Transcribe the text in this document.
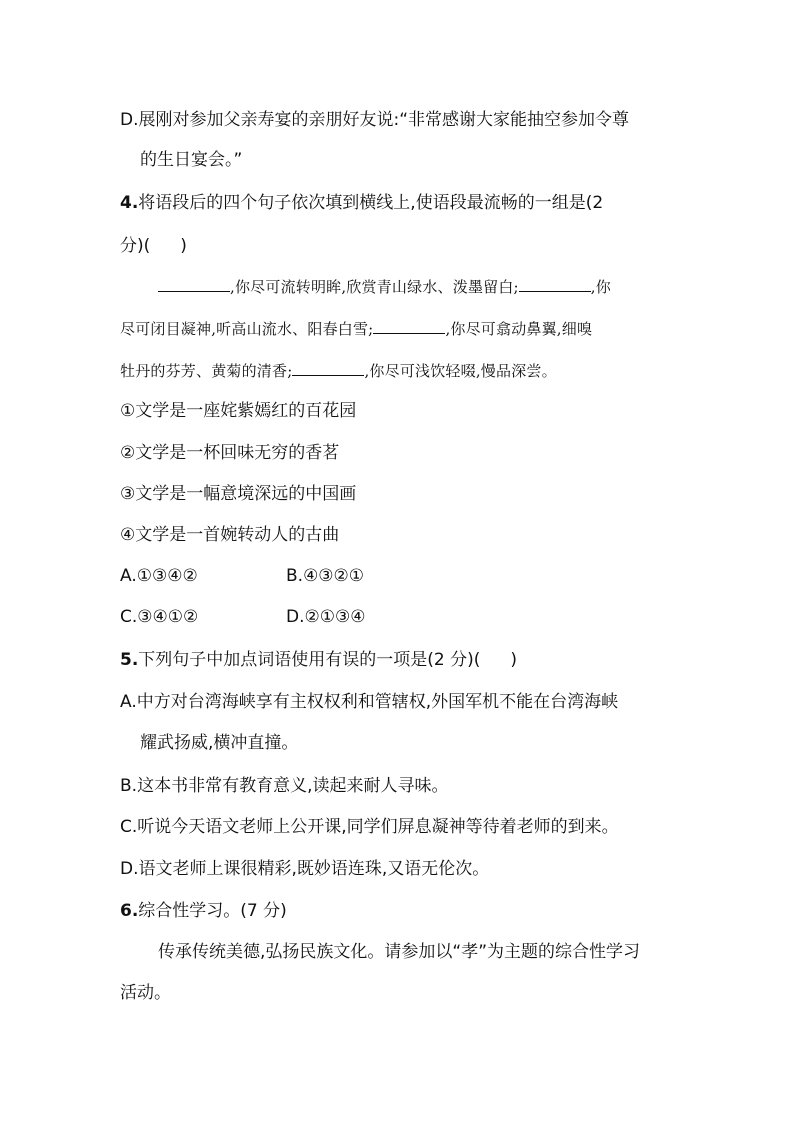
D.展刚对参加父亲寿宴的亲朋好友说:“非常感谢大家能抽空参加令尊
的生日宴会。”
4.将语段后的四个句子依次填到横线上,使语段最流畅的一组是(2
分)( )
,你尽可流转明眸,欣赏青山绿水、泼墨留白;	,你
尽可闭目凝神,听高山流水、阳春白雪;	,你尽可翕动鼻翼,细嗅
牡丹的芬芳、黄菊的清香;	,你尽可浅饮轻啜,慢品深尝。
①文学是一座姹紫嫣红的百花园
②文学是一杯回味无穷的香茗
③文学是一幅意境深远的中国画
④文学是一首婉转动人的古曲
A.①③④②	B.④③②①
C.③④①②	D.②①③④
5.下列句子中加点词语使用有误的一项是(2 分)( )
A.中方对台湾海峡享有主权权利和管辖权,外国军机不能在台湾海峡
耀武扬威,横冲直撞。
B.这本书非常有教育意义,读起来耐人寻味。
C.听说今天语文老师上公开课,同学们屏息凝神等待着老师的到来。
D.语文老师上课很精彩,既妙语连珠,又语无伦次。
6.综合性学习。(7 分)
传承传统美德,弘扬民族文化。请参加以“孝”为主题的综合性学习
活动。
